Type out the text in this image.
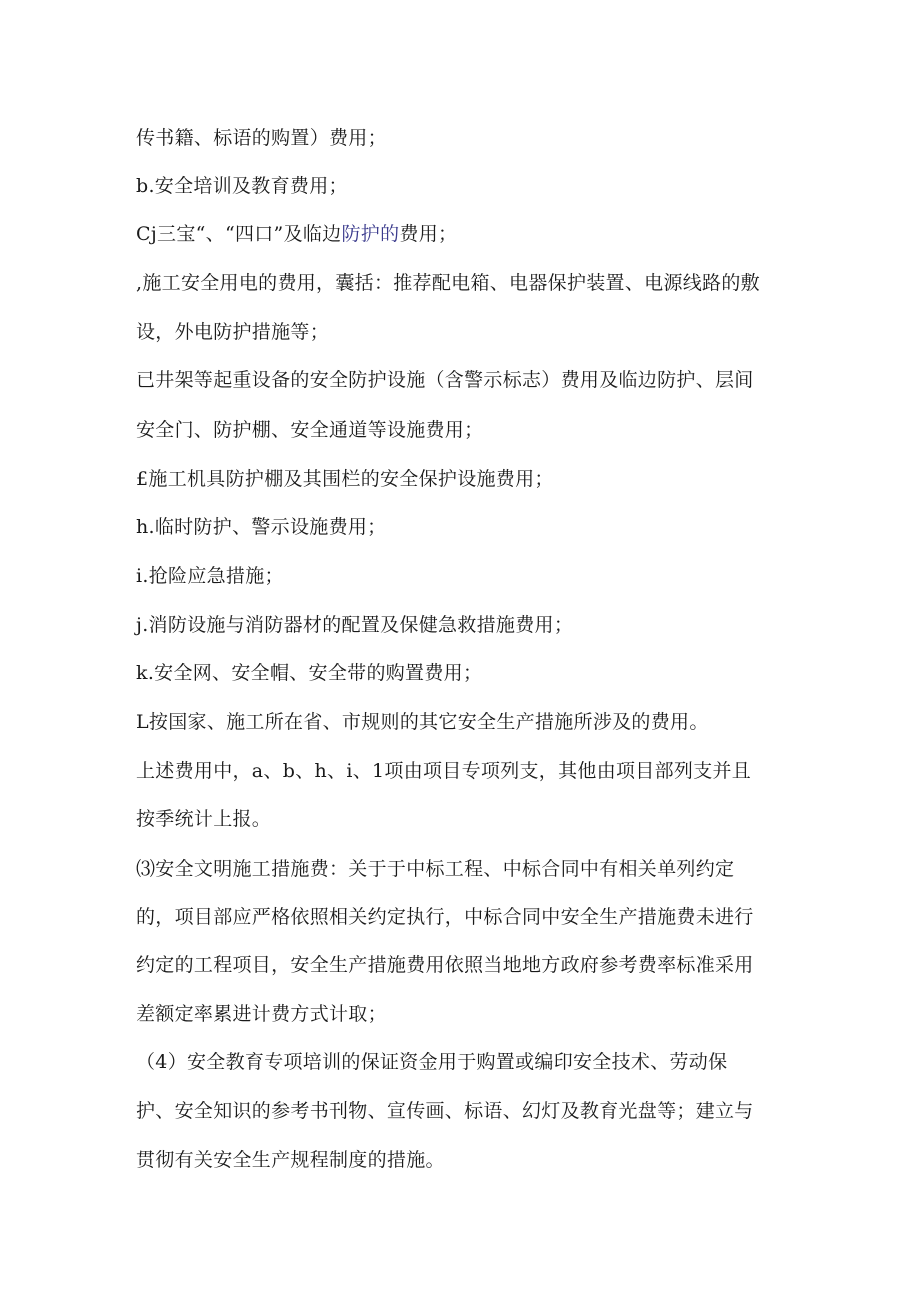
传书籍、标语的购置）费用；
b.安全培训及教育费用；
Cj三宝“、“四口”及临边防护的费用；
,施工安全用电的费用，囊括：推荐配电箱、电器保护装置、电源线路的敷
设，外电防护措施等；
已井架等起重设备的安全防护设施（含警示标志）费用及临边防护、层间
安全门、防护棚、安全通道等设施费用；
£施工机具防护棚及其围栏的安全保护设施费用；
h.临时防护、警示设施费用；
i.抢险应急措施；
j.消防设施与消防器材的配置及保健急救措施费用；
k.安全网、安全帽、安全带的购置费用；
L按国家、施工所在省、市规则的其它安全生产措施所涉及的费用。
上述费用中，a、b、h、i、1项由项目专项列支，其他由项目部列支并且
按季统计上报。
⑶安全文明施工措施费：关于于中标工程、中标合同中有相关单列约定
的，项目部应严格依照相关约定执行，中标合同中安全生产措施费未进行
约定的工程项目，安全生产措施费用依照当地地方政府参考费率标准采用
差额定率累进计费方式计取；
（4）安全教育专项培训的保证资金用于购置或编印安全技术、劳动保
护、安全知识的参考书刊物、宣传画、标语、幻灯及教育光盘等；建立与
贯彻有关安全生产规程制度的措施。
